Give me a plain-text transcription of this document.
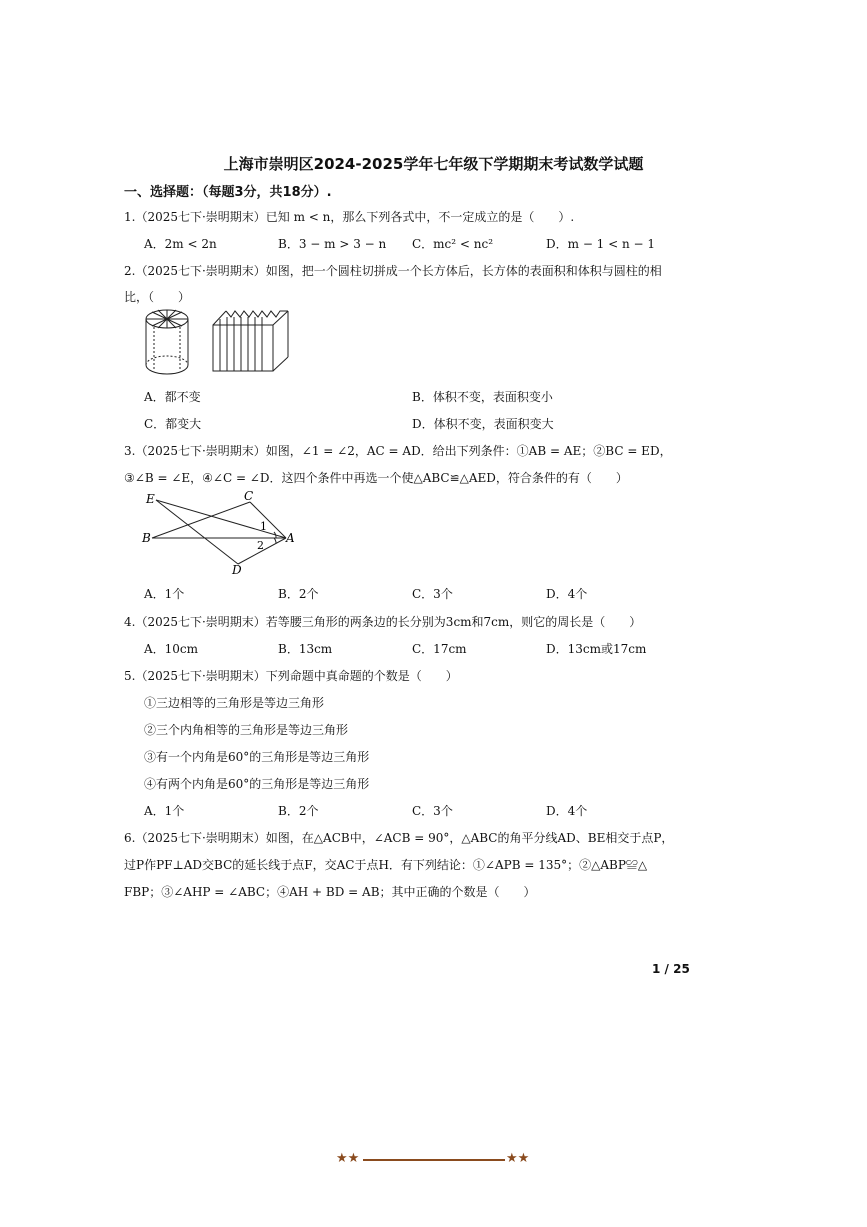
上海市崇明区2024-2025学年七年级下学期期末考试数学试题
一、选择题：（每题3分，共18分）.
1.（2025七下·崇明期末）已知 m < n，那么下列各式中，不一定成立的是（　　）.
A．2m < 2n	B．3 − m > 3 − n C．mc² < nc²	D．m − 1 < n − 1
2.（2025七下·崇明期末）如图，把一个圆柱切拼成一个长方体后，长方体的表面积和体积与圆柱的相
比，（　　）
A．都不变	B．体积不变，表面积变小
C．都变大	D．体积不变，表面积变大
3.（2025七下·崇明期末）如图，∠1 = ∠2，AC = AD．给出下列条件：①AB = AE；②BC = ED，
③∠B = ∠E，④∠C = ∠D．这四个条件中再选一个使△ABC≌△AED，符合条件的有（　　）
E	C
B	A
D
1
2
A．1个	B．2个	C．3个	D．4个
4.（2025七下·崇明期末）若等腰三角形的两条边的长分别为3cm和7cm，则它的周长是（　　）
A．10cm	B．13cm	C．17cm	D．13cm或17cm
5.（2025七下·崇明期末）下列命题中真命题的个数是（　　）
①三边相等的三角形是等边三角形
②三个内角相等的三角形是等边三角形
③有一个内角是60°的三角形是等边三角形
④有两个内角是60°的三角形是等边三角形
A．1个	B．2个	C．3个	D．4个
6.（2025七下·崇明期末）如图，在△ACB中，∠ACB = 90°，△ABC的角平分线AD、BE相交于点P，
过P作PF⊥AD交BC的延长线于点F，交AC于点H．有下列结论：①∠APB = 135°；②△ABP≌△
FBP；③∠AHP = ∠ABC；④AH + BD = AB；其中正确的个数是（　　）
1 / 25
★★	★★
